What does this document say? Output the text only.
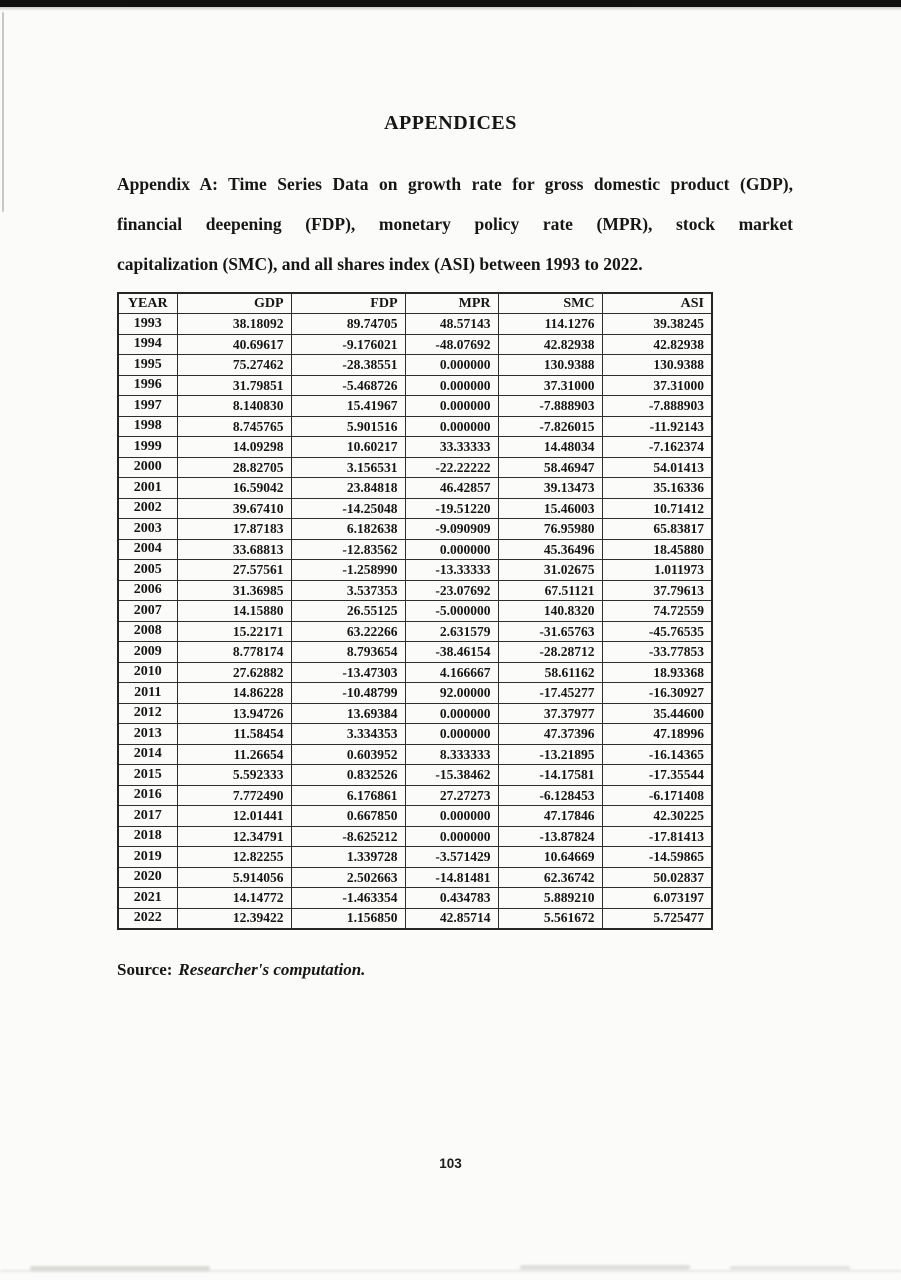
APPENDICES
Appendix A: Time Series Data on growth rate for gross domestic product (GDP),
financial deepening (FDP), monetary policy rate (MPR), stock market
capitalization (SMC), and all shares index (ASI) between 1993 to 2022.
YEAR	GDP	FDP	MPR	SMC	ASI
1993	38.18092	89.74705	48.57143	114.1276	39.38245
1994	40.69617	-9.176021	-48.07692	42.82938	42.82938
1995	75.27462	-28.38551	0.000000	130.9388	130.9388
1996	31.79851	-5.468726	0.000000	37.31000	37.31000
1997	8.140830	15.41967	0.000000	-7.888903	-7.888903
1998	8.745765	5.901516	0.000000	-7.826015	-11.92143
1999	14.09298	10.60217	33.33333	14.48034	-7.162374
2000	28.82705	3.156531	-22.22222	58.46947	54.01413
2001	16.59042	23.84818	46.42857	39.13473	35.16336
2002	39.67410	-14.25048	-19.51220	15.46003	10.71412
2003	17.87183	6.182638	-9.090909	76.95980	65.83817
2004	33.68813	-12.83562	0.000000	45.36496	18.45880
2005	27.57561	-1.258990	-13.33333	31.02675	1.011973
2006	31.36985	3.537353	-23.07692	67.51121	37.79613
2007	14.15880	26.55125	-5.000000	140.8320	74.72559
2008	15.22171	63.22266	2.631579	-31.65763	-45.76535
2009	8.778174	8.793654	-38.46154	-28.28712	-33.77853
2010	27.62882	-13.47303	4.166667	58.61162	18.93368
2011	14.86228	-10.48799	92.00000	-17.45277	-16.30927
2012	13.94726	13.69384	0.000000	37.37977	35.44600
2013	11.58454	3.334353	0.000000	47.37396	47.18996
2014	11.26654	0.603952	8.333333	-13.21895	-16.14365
2015	5.592333	0.832526	-15.38462	-14.17581	-17.35544
2016	7.772490	6.176861	27.27273	-6.128453	-6.171408
2017	12.01441	0.667850	0.000000	47.17846	42.30225
2018	12.34791	-8.625212	0.000000	-13.87824	-17.81413
2019	12.82255	1.339728	-3.571429	10.64669	-14.59865
2020	5.914056	2.502663	-14.81481	62.36742	50.02837
2021	14.14772	-1.463354	0.434783	5.889210	6.073197
2022	12.39422	1.156850	42.85714	5.561672	5.725477
Source: Researcher's computation.
103
